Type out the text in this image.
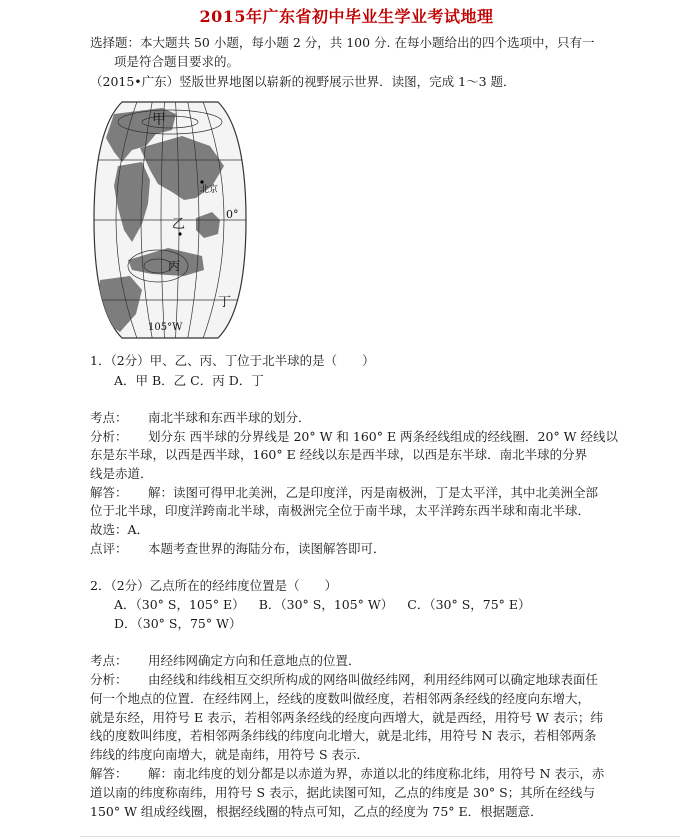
2015年广东省初中毕业生学业考试地理
选择题：本大题共 50 小题，每小题 2 分，共 100 分. 在每小题给出的四个选项中，只有一
项是符合题目要求的。
（2015•广东）竖版世界地图以崭新的视野展示世界．读图，完成 1～3 题．
甲
北京
0°
乙
丙
丁
105°W
1．（2分）甲、乙、丙、丁位于北半球的是（　　）
A．甲 B．乙 C．丙 D．丁
考点： 南北半球和东西半球的划分．
分析： 划分东 西半球的分界线是 20° W 和 160° E 两条经线组成的经线圈．20° W 经线以
东是东半球，以西是西半球，160° E 经线以东是西半球，以西是东半球．南北半球的分界
线是赤道．
解答： 解：读图可得甲北美洲，乙是印度洋，丙是南极洲，丁是太平洋，其中北美洲全部
位于北半球，印度洋跨南北半球，南极洲完全位于南半球，太平洋跨东西半球和南北半球．
故选：A．
点评： 本题考查世界的海陆分布，读图解答即可．
2．（2分）乙点所在的经纬度位置是（　　）
A．（30° S，105° E） B．（30° S，105° W） C．（30° S，75° E）
D．（30° S，75° W）
考点： 用经纬网确定方向和任意地点的位置．
分析： 由经线和纬线相互交织所构成的网络叫做经纬网，利用经纬网可以确定地球表面任
何一个地点的位置．在经纬网上，经线的度数叫做经度，若相邻两条经线的经度向东增大，
就是东经，用符号 E 表示，若相邻两条经线的经度向西增大，就是西经，用符号 W 表示；纬
线的度数叫纬度，若相邻两条纬线的纬度向北增大，就是北纬，用符号 N 表示，若相邻两条
纬线的纬度向南增大，就是南纬，用符号 S 表示．
解答： 解：南北纬度的划分都是以赤道为界，赤道以北的纬度称北纬，用符号 N 表示，赤
道以南的纬度称南纬，用符号 S 表示，据此读图可知，乙点的纬度是 30° S；其所在经线与
150° W 组成经线圈，根据经线圈的特点可知，乙点的经度为 75° E．根据题意．
